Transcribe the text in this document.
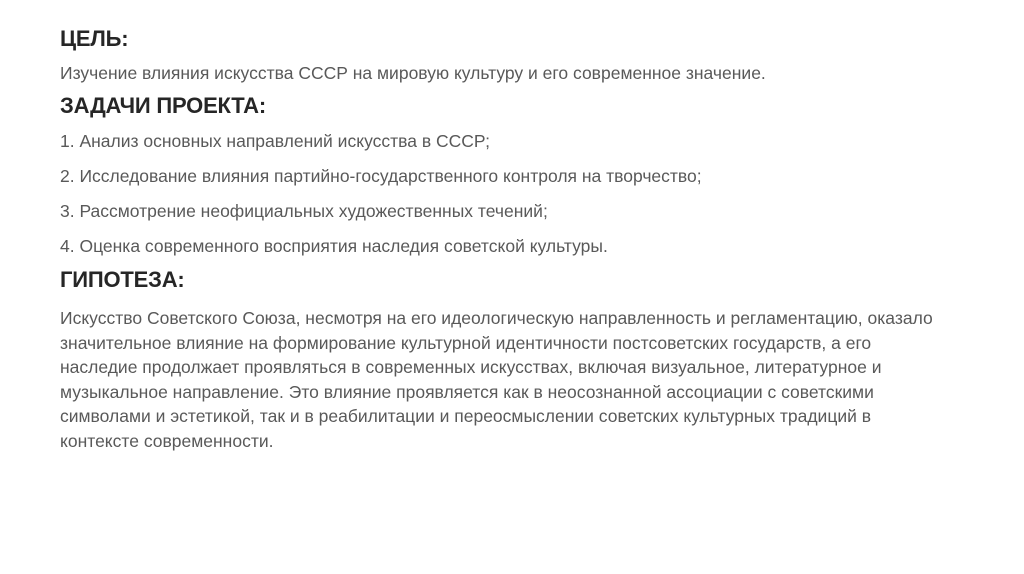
ЦЕЛЬ:

Изучение влияния искусства СССР на мировую культуру и его современное значение.

ЗАДАЧИ ПРОЕКТА:
1. Анализ основных направлений искусства в СССР;
2. Исследование влияния партийно-государственного контроля на творчество;
3. Рассмотрение неофициальных художественных течений;
4. Оценка современного восприятия наследия советской культуры.
ГИПОТЕЗА:

Искусство Советского Союза, несмотря на его идеологическую направленность и регламентацию, оказало значительное влияние на формирование культурной идентичности постсоветских государств, а его наследие продолжает проявляться в современных искусствах, включая визуальное, литературное и музыкальное направление. Это влияние проявляется как в неосознанной ассоциации с советскими символами и эстетикой, так и в реабилитации и переосмыслении советских культурных традиций в контексте современности.
